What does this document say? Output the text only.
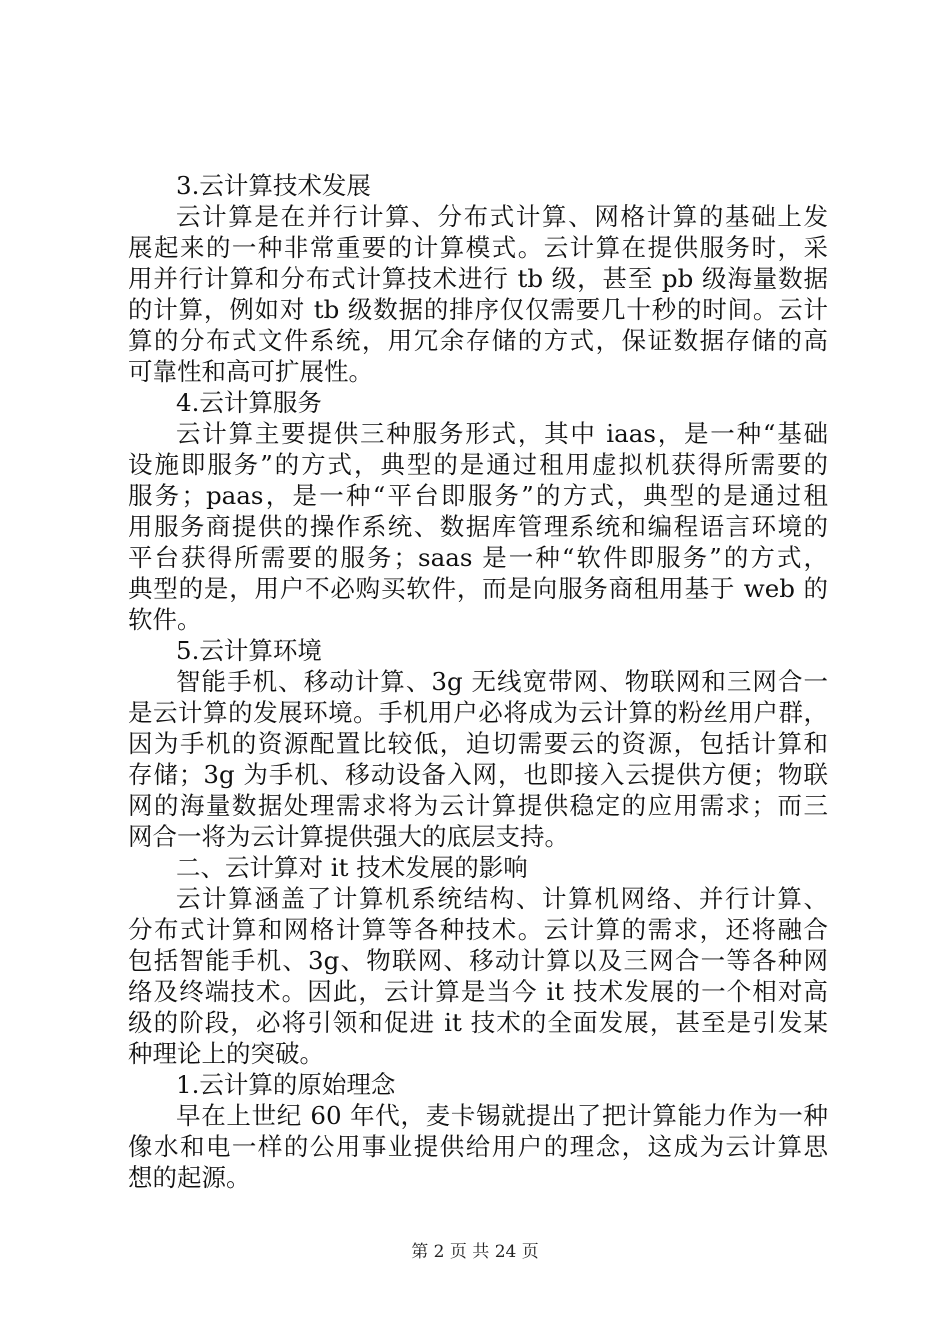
3.云计算技术发展
云计算是在并行计算、分布式计算、网格计算的基础上发
展起来的一种非常重要的计算模式。云计算在提供服务时，采
用并行计算和分布式计算技术进行 tb 级，甚至 pb 级海量数据
的计算，例如对 tb 级数据的排序仅仅需要几十秒的时间。云计
算的分布式文件系统，用冗余存储的方式，保证数据存储的高
可靠性和高可扩展性。
4.云计算服务
云计算主要提供三种服务形式，其中 iaas，是一种“基础
设施即服务”的方式，典型的是通过租用虚拟机获得所需要的
服务；paas，是一种“平台即服务”的方式，典型的是通过租
用服务商提供的操作系统、数据库管理系统和编程语言环境的
平台获得所需要的服务；saas 是一种“软件即服务”的方式，
典型的是，用户不必购买软件，而是向服务商租用基于 web 的
软件。
5.云计算环境
智能手机、移动计算、3g 无线宽带网、物联网和三网合一
是云计算的发展环境。手机用户必将成为云计算的粉丝用户群，
因为手机的资源配置比较低，迫切需要云的资源，包括计算和
存储；3g 为手机、移动设备入网，也即接入云提供方便；物联
网的海量数据处理需求将为云计算提供稳定的应用需求；而三
网合一将为云计算提供强大的底层支持。
二、云计算对 it 技术发展的影响
云计算涵盖了计算机系统结构、计算机网络、并行计算、
分布式计算和网格计算等各种技术。云计算的需求，还将融合
包括智能手机、3g、物联网、移动计算以及三网合一等各种网
络及终端技术。因此，云计算是当今 it 技术发展的一个相对高
级的阶段，必将引领和促进 it 技术的全面发展，甚至是引发某
种理论上的突破。
1.云计算的原始理念
早在上世纪 60 年代，麦卡锡就提出了把计算能力作为一种
像水和电一样的公用事业提供给用户的理念，这成为云计算思
想的起源。
第 2 页 共 24 页
